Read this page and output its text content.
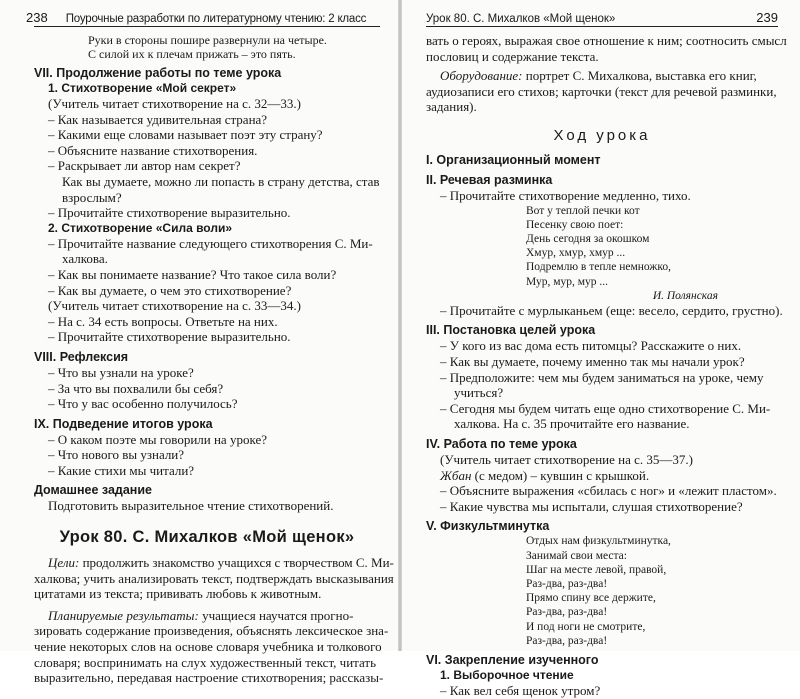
238 Поурочные разработки по литературному чтению: 2 класс
Руки в стороны пошире развернули на четыре.
С силой их к плечам прижать – это пять.
VII. Продолжение работы по теме урока
1. Стихотворение «Мой секрет»
(Учитель читает стихотворение на с. 32—33.)
– Как называется удивительная страна?
– Какими еще словами называет поэт эту страну?
– Объясните название стихотворения.
– Раскрывает ли автор нам секрет?
Как вы думаете, можно ли попасть в страну детства, став
взрослым?
– Прочитайте стихотворение выразительно.
2. Стихотворение «Сила воли»
– Прочитайте название следующего стихотворения С. Ми-
халкова.
– Как вы понимаете название? Что такое сила воли?
– Как вы думаете, о чем это стихотворение?
(Учитель читает стихотворение на с. 33—34.)
– На с. 34 есть вопросы. Ответьте на них.
– Прочитайте стихотворение выразительно.
VIII. Рефлексия
– Что вы узнали на уроке?
– За что вы похвалили бы себя?
– Что у вас особенно получилось?
IX. Подведение итогов урока
– О каком поэте мы говорили на уроке?
– Что нового вы узнали?
– Какие стихи мы читали?
Домашнее задание
Подготовить выразительное чтение стихотворений.
Урок 80. С. Михалков «Мой щенок»
Цели: продолжить знакомство учащихся с творчеством С. Ми-
халкова; учить анализировать текст, подтверждать высказывания
цитатами из текста; прививать любовь к животным.
Планируемые результаты: учащиеся научатся прогно-
зировать содержание произведения, объяснять лексическое зна-
чение некоторых слов на основе словаря учебника и толкового
словаря; воспринимать на слух художественный текст, читать
выразительно, передавая настроение стихотворения; рассказы-
Урок 80. С. Михалков «Мой щенок»	239
вать о героях, выражая свое отношение к ним; соотносить смысл
пословиц и содержание текста.
Оборудование: портрет С. Михалкова, выставка его книг,
аудиозаписи его стихов; карточки (текст для речевой разминки,
задания).
Ход урока
I. Организационный момент
II. Речевая разминка
– Прочитайте стихотворение медленно, тихо.
Вот у теплой печки кот
Песенку свою поет:
День сегодня за окошком
Хмур, хмур, хмур ...
Подремлю в тепле немножко,
Мур, мур, мур ...
И. Полянская
– Прочитайте с мурлыканьем (еще: весело, сердито, грустно).
III. Постановка целей урока
– У кого из вас дома есть питомцы? Расскажите о них.
– Как вы думаете, почему именно так мы начали урок?
– Предположите: чем мы будем заниматься на уроке, чему
учиться?
– Сегодня мы будем читать еще одно стихотворение С. Ми-
халкова. На с. 35 прочитайте его название.
IV. Работа по теме урока
(Учитель читает стихотворение на с. 35—37.)
Жбан (с медом) – кувшин с крышкой.
– Объясните выражения «сбилась с ног» и «лежит пластом».
– Какие чувства мы испытали, слушая стихотворение?
V. Физкультминутка
Отдых нам физкультминутка,
Занимай свои места:
Шаг на месте левой, правой,
Раз-два, раз-два!
Прямо спину все держите,
Раз-два, раз-два!
И под ноги не смотрите,
Раз-два, раз-два!
VI. Закрепление изученного
1. Выборочное чтение
– Как вел себя щенок утром?
